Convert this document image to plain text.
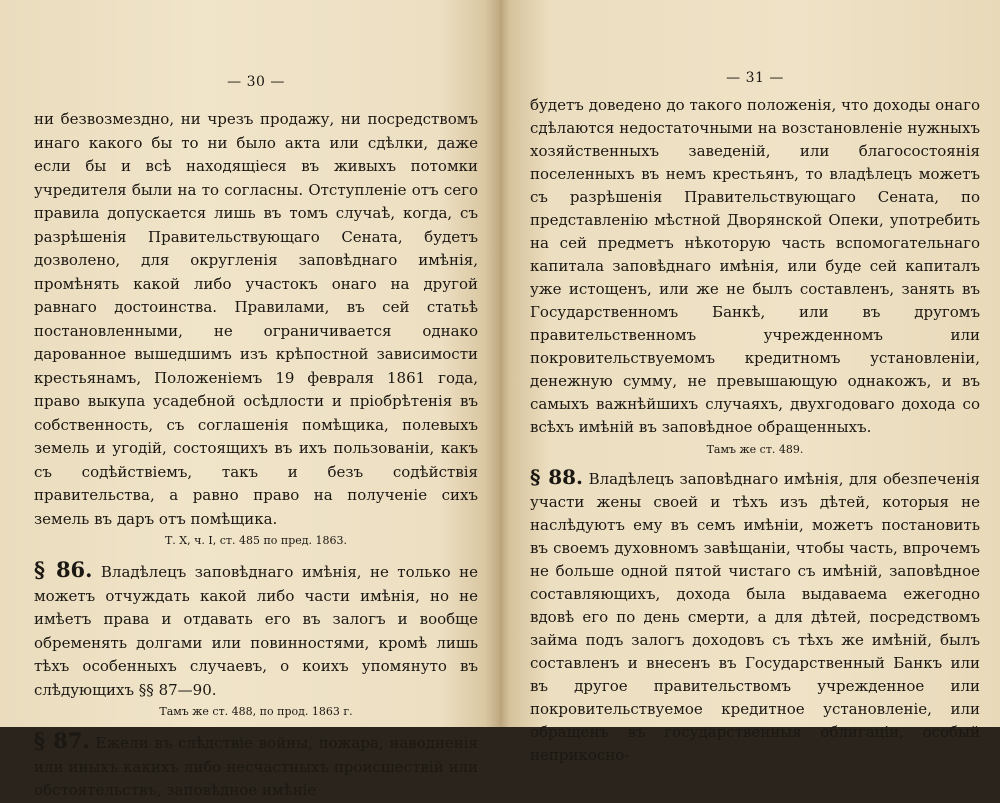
— 30 —

ни безвозмездно, ни чрезъ продажу, ни посредствомъ инаго какого бы то ни было акта или сдѣлки, даже если бы и всѣ находящіеся въ живыхъ потомки учредителя были на то согласны. Отступленіе отъ сего правила допускается лишь въ томъ случаѣ, когда, съ разрѣшенія Правительствующаго Сената, будетъ дозволено, для округленія заповѣднаго имѣнія, промѣнять какой либо участокъ онаго на другой равнаго достоинства. Правилами, въ сей статьѣ постановленными, не ограничивается однако дарованное вышедшимъ изъ крѣпостной зависимости крестьянамъ, Положеніемъ 19 февраля 1861 года, право выкупа усадебной осѣдлости и пріобрѣтенія въ собственность, съ соглашенія помѣщика, полевыхъ земель и угодій, состоящихъ въ ихъ пользованіи, какъ съ содѣйствіемъ, такъ и безъ содѣйствія правительства, а равно право на полученіе сихъ земель въ даръ отъ помѣщика.

Т. X, ч. I, ст. 485 по пред. 1863.

§ 86. Владѣлецъ заповѣднаго имѣнія, не только не можетъ отчуждать какой либо части имѣнія, но не имѣетъ права и отдавать его въ залогъ и вообще обременять долгами или повинностями, кромѣ лишь тѣхъ особенныхъ случаевъ, о коихъ упомянуто въ слѣдующихъ §§ 87—90.

Тамъ же ст. 488, по прод. 1863 г.

§ 87. Ежели въ слѣдствіе войны, пожара, наводненія или иныхъ какихъ либо несчастныхъ происшествій или обстоятельствъ, заповѣдное имѣніе

— 31 —

будетъ доведено до такого положенія, что доходы онаго сдѣлаются недостаточными на возстановленіе нужныхъ хозяйственныхъ заведеній, или благосостоянія поселенныхъ въ немъ крестьянъ, то владѣлецъ можетъ съ разрѣшенія Правительствующаго Сената, по представленію мѣстной Дворянской Опеки, употребить на сей предметъ нѣкоторую часть вспомогательнаго капитала заповѣднаго имѣнія, или буде сей капиталъ уже истощенъ, или же не былъ составленъ, занять въ Государственномъ Банкѣ, или въ другомъ правительственномъ учрежденномъ или покровительствуемомъ кредитномъ установленіи, денежную сумму, не превышающую однакожъ, и въ самыхъ важнѣйшихъ случаяхъ, двухгодоваго дохода со всѣхъ имѣній въ заповѣдное обращенныхъ.

Тамъ же ст. 489.

§ 88. Владѣлецъ заповѣднаго имѣнія, для обезпеченія участи жены своей и тѣхъ изъ дѣтей, которыя не наслѣдуютъ ему въ семъ имѣніи, можетъ постановить въ своемъ духовномъ завѣщаніи, чтобы часть, впрочемъ не больше одной пятой чистаго съ имѣній, заповѣдное составляющихъ, дохода была выдаваема ежегодно вдовѣ его по день смерти, а для дѣтей, посредствомъ займа подъ залогъ доходовъ съ тѣхъ же имѣній, былъ составленъ и внесенъ въ Государственный Банкъ или въ другое правительствомъ учрежденное или покровительствуемое кредитное установленіе, или обращенъ въ государственныя облигаціи, особый неприкосно-
